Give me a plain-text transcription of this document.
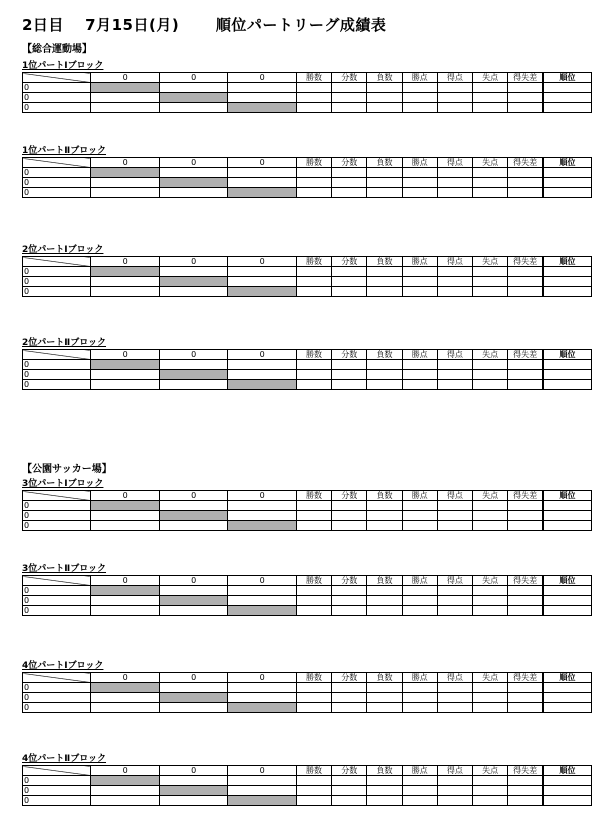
2日目　 7月15日(月)　　 順位パートリーグ成績表
【総合運動場】
【公園サッカー場】
1位パートⅠブロック
	0	0	0	勝数	分数	負数	勝点	得点	失点	得失差	順位
0											
0											
0											
1位パートⅡブロック
	0	0	0	勝数	分数	負数	勝点	得点	失点	得失差	順位
0											
0											
0											
2位パートⅠブロック
	0	0	0	勝数	分数	負数	勝点	得点	失点	得失差	順位
0											
0											
0											
2位パートⅡブロック
	0	0	0	勝数	分数	負数	勝点	得点	失点	得失差	順位
0											
0											
0											
3位パートⅠブロック
	0	0	0	勝数	分数	負数	勝点	得点	失点	得失差	順位
0											
0											
0											
3位パートⅡブロック
	0	0	0	勝数	分数	負数	勝点	得点	失点	得失差	順位
0											
0											
0											
4位パートⅠブロック
	0	0	0	勝数	分数	負数	勝点	得点	失点	得失差	順位
0											
0											
0											
4位パートⅡブロック
	0	0	0	勝数	分数	負数	勝点	得点	失点	得失差	順位
0											
0											
0											
